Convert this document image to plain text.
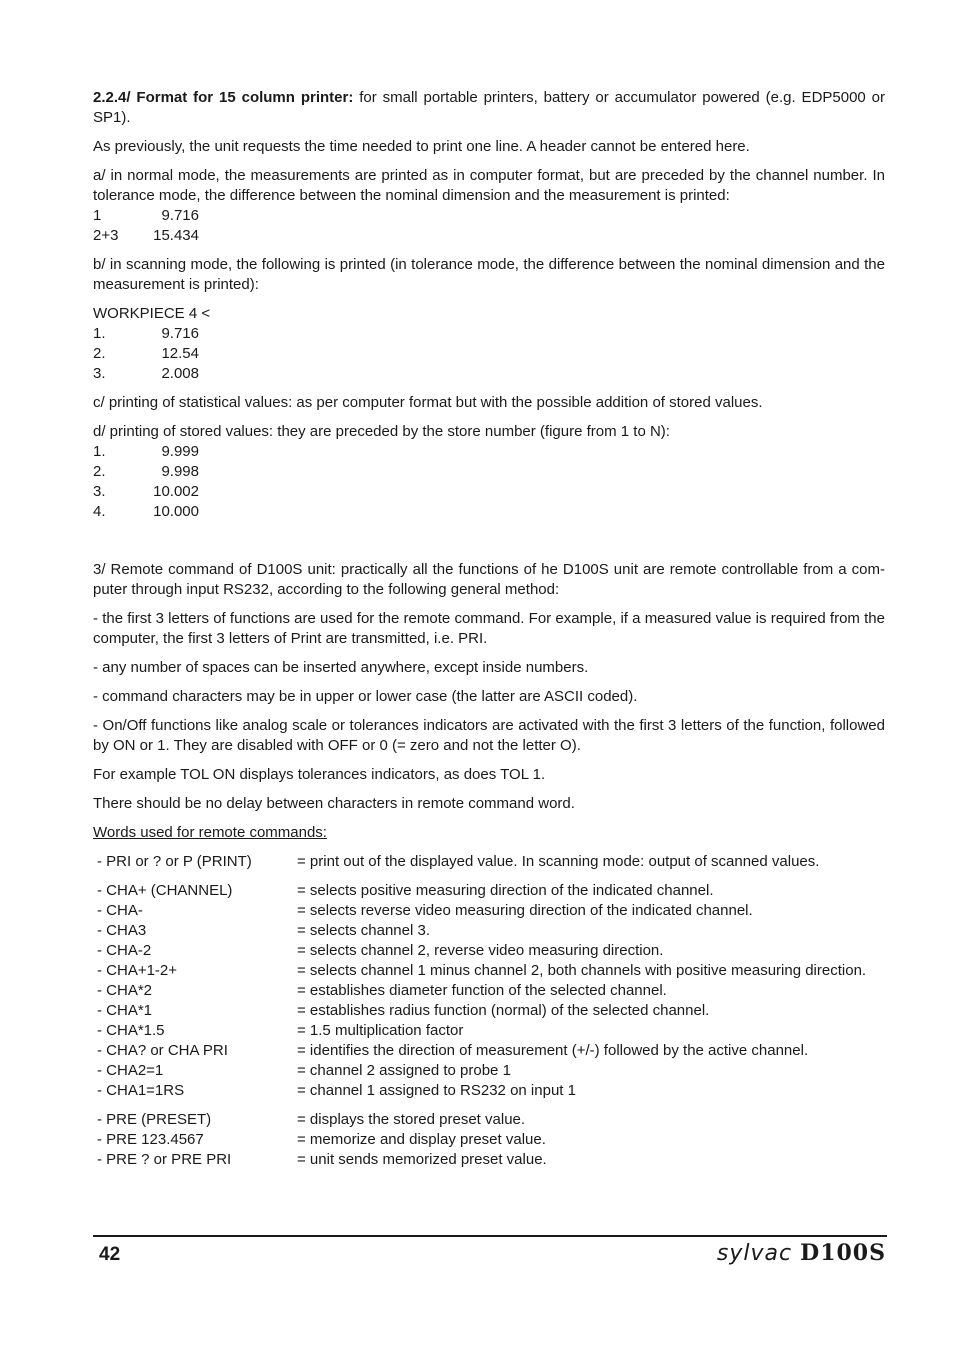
2.2.4/ Format for 15 column printer: for small portable printers, battery or accumulator powered (e.g. EDP5000 or SP1).

As previously, the unit requests the time needed to print one line. A header cannot be entered here.

a/ in normal mode, the measurements are printed as in computer format, but are preceded by the channel number. In tolerance mode, the difference between the nominal dimension and the measurement is printed:

1	9.716
2+3	15.434

b/ in scanning mode, the following is printed (in tolerance mode, the difference between the nominal dimension and the measurement is printed):

WORKPIECE 4 <
1.	9.716
2.	12.54
3.	2.008

c/ printing of statistical values: as per computer format but with the possible addition of stored values.

d/ printing of stored values: they are preceded by the store number (figure from 1 to N):

1.	9.999
2.	9.998
3.	10.002
4.	10.000

3/ Remote command of D100S unit: practically all the functions of he D100S unit are remote controllable from a com-puter through input RS232, according to the following general method:

- the first 3 letters of functions are used for the remote command. For example, if a measured value is required from the computer, the first 3 letters of Print are transmitted, i.e. PRI.

- any number of spaces can be inserted anywhere, except inside numbers.

- command characters may be in upper or lower case (the latter are ASCII coded).

- On/Off functions like analog scale or tolerances indicators are activated with the first 3 letters of the function, followed by ON or 1. They are disabled with OFF or 0 (= zero and not the letter O).

For example TOL ON displays tolerances indicators, as does TOL 1.

There should be no delay between characters in remote command word.

Words used for remote commands:
- PRI or ? or P (PRINT)	= print out of the displayed value. In scanning mode: output of scanned values.
- CHA+ (CHANNEL)	= selects positive measuring direction of the indicated channel.
- CHA-	= selects reverse video measuring direction of the indicated channel.
- CHA3	= selects channel 3.
- CHA-2	= selects channel 2, reverse video measuring direction.
- CHA+1-2+	= selects channel 1 minus channel 2, both channels with positive measuring direction.
- CHA*2	= establishes diameter function of the selected channel.
- CHA*1	= establishes radius function (normal) of the selected channel.
- CHA*1.5	= 1.5 multiplication factor
- CHA? or CHA PRI	= identifies the direction of measurement (+/-) followed by the active channel.
- CHA2=1	= channel 2 assigned to probe 1
- CHA1=1RS	= channel 1 assigned to RS232 on input 1
- PRE (PRESET)	= displays the stored preset value.
- PRE 123.4567	= memorize and display preset value.
- PRE ? or PRE PRI	= unit sends memorized preset value.
42	sylvac D100S
